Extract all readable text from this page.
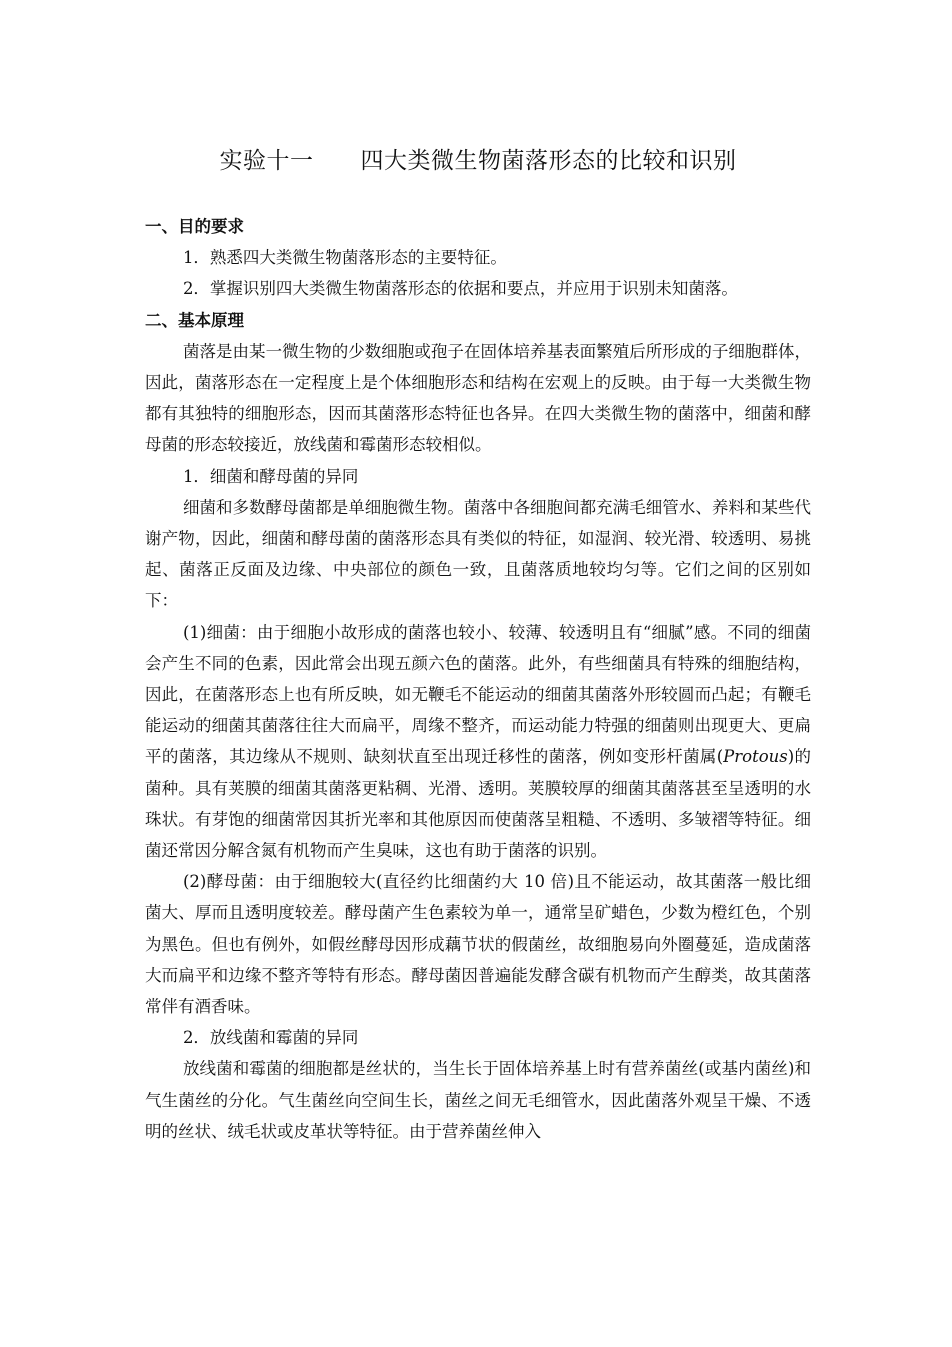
实验十一　　四大类微生物菌落形态的比较和识别

一、目的要求

1．熟悉四大类微生物菌落形态的主要特征。

2．掌握识别四大类微生物菌落形态的依据和要点，并应用于识别未知菌落。

二、基本原理

菌落是由某一微生物的少数细胞或孢子在固体培养基表面繁殖后所形成的子细胞群体，因此，菌落形态在一定程度上是个体细胞形态和结构在宏观上的反映。由于每一大类微生物都有其独特的细胞形态，因而其菌落形态特征也各异。在四大类微生物的菌落中，细菌和酵母菌的形态较接近，放线菌和霉菌形态较相似。

1．细菌和酵母菌的异同

细菌和多数酵母菌都是单细胞微生物。菌落中各细胞间都充满毛细管水、养料和某些代谢产物，因此，细菌和酵母菌的菌落形态具有类似的特征，如湿润、较光滑、较透明、易挑起、菌落正反面及边缘、中央部位的颜色一致，且菌落质地较均匀等。它们之间的区别如下：

(1)细菌：由于细胞小故形成的菌落也较小、较薄、较透明且有“细腻”感。不同的细菌会产生不同的色素，因此常会出现五颜六色的菌落。此外，有些细菌具有特殊的细胞结构，因此，在菌落形态上也有所反映，如无鞭毛不能运动的细菌其菌落外形较圆而凸起；有鞭毛能运动的细菌其菌落往往大而扁平，周缘不整齐，而运动能力特强的细菌则出现更大、更扁平的菌落，其边缘从不规则、缺刻状直至出现迁移性的菌落，例如变形杆菌属(Protous)的菌种。具有荚膜的细菌其菌落更粘稠、光滑、透明。荚膜较厚的细菌其菌落甚至呈透明的水珠状。有芽饱的细菌常因其折光率和其他原因而使菌落呈粗糙、不透明、多皱褶等特征。细菌还常因分解含氮有机物而产生臭味，这也有助于菌落的识别。

(2)酵母菌：由于细胞较大(直径约比细菌约大 10 倍)且不能运动，故其菌落一般比细菌大、厚而且透明度较差。酵母菌产生色素较为单一，通常呈矿蜡色，少数为橙红色，个别为黑色。但也有例外，如假丝酵母因形成藕节状的假菌丝，故细胞易向外圈蔓延，造成菌落大而扁平和边缘不整齐等特有形态。酵母菌因普遍能发酵含碳有机物而产生醇类，故其菌落常伴有酒香味。

2．放线菌和霉菌的异同

放线菌和霉菌的细胞都是丝状的，当生长于固体培养基上时有营养菌丝(或基内菌丝)和气生菌丝的分化。气生菌丝向空间生长，菌丝之间无毛细管水，因此菌落外观呈干燥、不透明的丝状、绒毛状或皮革状等特征。由于营养菌丝伸入
